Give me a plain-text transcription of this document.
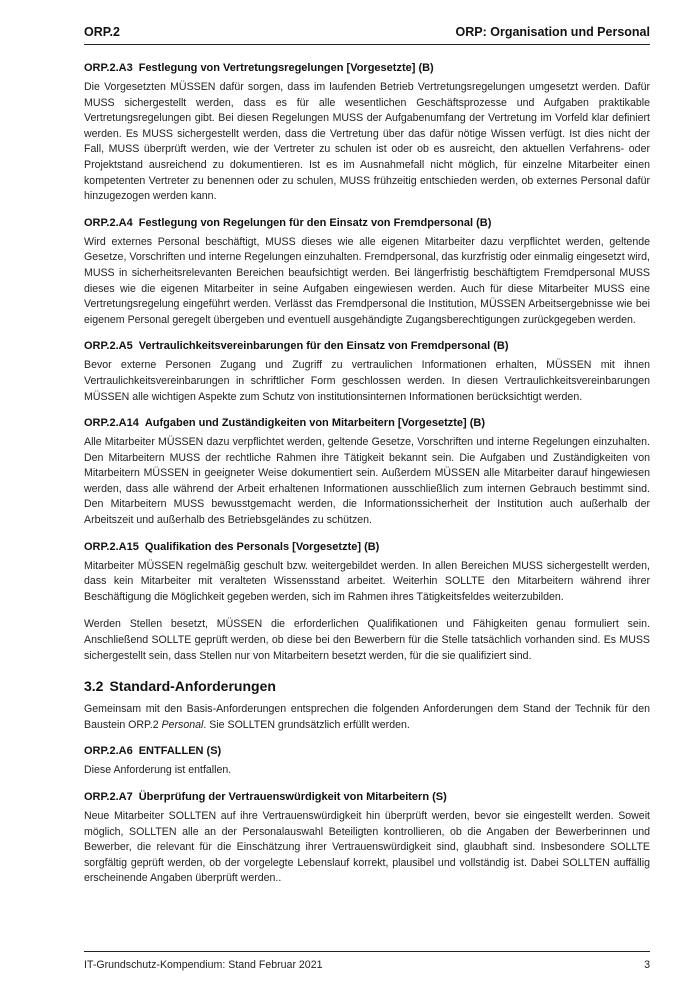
ORP.2	ORP: Organisation und Personal
ORP.2.A3 Festlegung von Vertretungsregelungen [Vorgesetzte] (B)

Die Vorgesetzten MÜSSEN dafür sorgen, dass im laufenden Betrieb Vertretungsregelungen umgesetzt werden. Dafür MUSS sichergestellt werden, dass es für alle wesentlichen Geschäftsprozesse und Aufgaben praktikable Vertretungsregelungen gibt. Bei diesen Regelungen MUSS der Aufgabenumfang der Vertretung im Vorfeld klar definiert werden. Es MUSS sichergestellt werden, dass die Vertretung über das dafür nötige Wissen verfügt. Ist dies nicht der Fall, MUSS überprüft werden, wie der Vertreter zu schulen ist oder ob es ausreicht, den aktuellen Verfahrens- oder Projektstand ausreichend zu dokumentieren. Ist es im Ausnahmefall nicht möglich, für einzelne Mitarbeiter einen kompetenten Vertreter zu benennen oder zu schulen, MUSS frühzeitig entschieden werden, ob externes Personal dafür hinzugezogen werden kann.

ORP.2.A4 Festlegung von Regelungen für den Einsatz von Fremdpersonal (B)

Wird externes Personal beschäftigt, MUSS dieses wie alle eigenen Mitarbeiter dazu verpflichtet werden, geltende Gesetze, Vorschriften und interne Regelungen einzuhalten. Fremdpersonal, das kurzfristig oder einmalig eingesetzt wird, MUSS in sicherheitsrelevanten Bereichen beaufsichtigt werden. Bei längerfristig beschäftigtem Fremdpersonal MUSS dieses wie die eigenen Mitarbeiter in seine Aufgaben eingewiesen werden. Auch für diese Mitarbeiter MUSS eine Vertretungsregelung eingeführt werden. Verlässt das Fremdpersonal die Institution, MÜSSEN Arbeitsergebnisse wie bei eigenem Personal geregelt übergeben und eventuell ausgehändigte Zugangsberechtigungen zurückgegeben werden.

ORP.2.A5 Vertraulichkeitsvereinbarungen für den Einsatz von Fremdpersonal (B)

Bevor externe Personen Zugang und Zugriff zu vertraulichen Informationen erhalten, MÜSSEN mit ihnen Vertraulichkeitsvereinbarungen in schriftlicher Form geschlossen werden. In diesen Vertraulichkeitsvereinbarungen MÜSSEN alle wichtigen Aspekte zum Schutz von institutionsinternen Informationen berücksichtigt werden.

ORP.2.A14 Aufgaben und Zuständigkeiten von Mitarbeitern [Vorgesetzte] (B)

Alle Mitarbeiter MÜSSEN dazu verpflichtet werden, geltende Gesetze, Vorschriften und interne Regelungen einzuhalten. Den Mitarbeitern MUSS der rechtliche Rahmen ihre Tätigkeit bekannt sein. Die Aufgaben und Zuständigkeiten von Mitarbeitern MÜSSEN in geeigneter Weise dokumentiert sein. Außerdem MÜSSEN alle Mitarbeiter darauf hingewiesen werden, dass alle während der Arbeit erhaltenen Informationen ausschließlich zum internen Gebrauch bestimmt sind. Den Mitarbeitern MUSS bewusstgemacht werden, die Informationssicherheit der Institution auch außerhalb der Arbeitszeit und außerhalb des Betriebsgeländes zu schützen.

ORP.2.A15 Qualifikation des Personals [Vorgesetzte] (B)

Mitarbeiter MÜSSEN regelmäßig geschult bzw. weitergebildet werden. In allen Bereichen MUSS sichergestellt werden, dass kein Mitarbeiter mit veralteten Wissensstand arbeitet. Weiterhin SOLLTE den Mitarbeitern während ihrer Beschäftigung die Möglichkeit gegeben werden, sich im Rahmen ihres Tätigkeitsfeldes weiterzubilden.

Werden Stellen besetzt, MÜSSEN die erforderlichen Qualifikationen und Fähigkeiten genau formuliert sein. Anschließend SOLLTE geprüft werden, ob diese bei den Bewerbern für die Stelle tatsächlich vorhanden sind. Es MUSS sichergestellt sein, dass Stellen nur von Mitarbeitern besetzt werden, für die sie qualifiziert sind.

3.2 Standard-Anforderungen

Gemeinsam mit den Basis-Anforderungen entsprechen die folgenden Anforderungen dem Stand der Technik für den Baustein ORP.2 Personal. Sie SOLLTEN grundsätzlich erfüllt werden.

ORP.2.A6 ENTFALLEN (S)

Diese Anforderung ist entfallen.

ORP.2.A7 Überprüfung der Vertrauenswürdigkeit von Mitarbeitern (S)

Neue Mitarbeiter SOLLTEN auf ihre Vertrauenswürdigkeit hin überprüft werden, bevor sie eingestellt werden. Soweit möglich, SOLLTEN alle an der Personalauswahl Beteiligten kontrollieren, ob die Angaben der Bewerberinnen und Bewerber, die relevant für die Einschätzung ihrer Vertrauenswürdigkeit sind, glaubhaft sind. Insbesondere SOLLTE sorgfältig geprüft werden, ob der vorgelegte Lebenslauf korrekt, plausibel und vollständig ist. Dabei SOLLTEN auffällig erscheinende Angaben überprüft werden..

IT-Grundschutz-Kompendium: Stand Februar 2021	3
